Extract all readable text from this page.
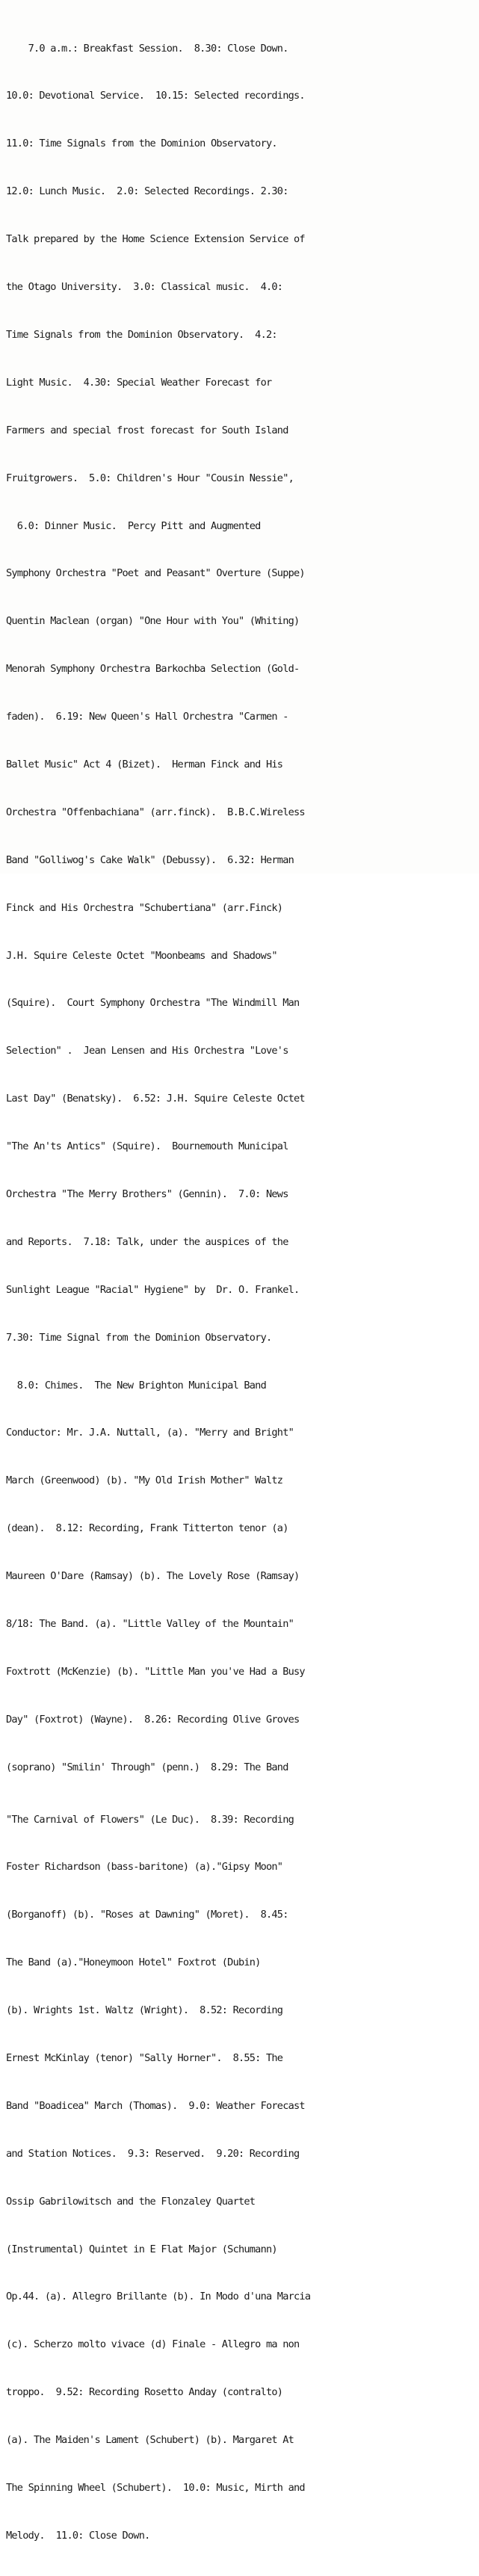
7.0 a.m.: Breakfast Session.  8.30: Close Down.

10.0: Devotional Service.  10.15: Selected recordings.

11.0: Time Signals from the Dominion Observatory.

12.0: Lunch Music.  2.0: Selected Recordings. 2.30:

Talk prepared by the Home Science Extension Service of

the Otago University.  3.0: Classical music.  4.0:

Time Signals from the Dominion Observatory.  4.2:

Light Music.  4.30: Special Weather Forecast for

Farmers and special frost forecast for South Island

Fruitgrowers.  5.0: Children's Hour "Cousin Nessie",

6.0: Dinner Music.  Percy Pitt and Augmented

Symphony Orchestra "Poet and Peasant" Overture (Suppe)

Quentin Maclean (organ) "One Hour with You" (Whiting)

Menorah Symphony Orchestra Barkochba Selection (Gold-

faden).  6.19: New Queen's Hall Orchestra "Carmen -

Ballet Music" Act 4 (Bizet).  Herman Finck and His

Orchestra "Offenbachiana" (arr.finck).  B.B.C.Wireless

Band "Golliwog's Cake Walk" (Debussy).  6.32: Herman

Finck and His Orchestra "Schubertiana" (arr.Finck)

J.H. Squire Celeste Octet "Moonbeams and Shadows"

(Squire).  Court Symphony Orchestra "The Windmill Man

Selection" .  Jean Lensen and His Orchestra "Love's

Last Day" (Benatsky).  6.52: J.H. Squire Celeste Octet

"The An'ts Antics" (Squire).  Bournemouth Municipal

Orchestra "The Merry Brothers" (Gennin).  7.0: News

and Reports.  7.18: Talk, under the auspices of the

Sunlight League "Racial" Hygiene" by  Dr. O. Frankel.

7.30: Time Signal from the Dominion Observatory.

8.0: Chimes.  The New Brighton Municipal Band

Conductor: Mr. J.A. Nuttall, (a). "Merry and Bright"

March (Greenwood) (b). "My Old Irish Mother" Waltz

(dean).  8.12: Recording, Frank Titterton tenor (a)

Maureen O'Dare (Ramsay) (b). The Lovely Rose (Ramsay)

8/18: The Band. (a). "Little Valley of the Mountain"

Foxtrott (McKenzie) (b). "Little Man you've Had a Busy

Day" (Foxtrot) (Wayne).  8.26: Recording Olive Groves

(soprano) "Smilin' Through" (penn.)  8.29: The Band

"The Carnival of Flowers" (Le Duc).  8.39: Recording

Foster Richardson (bass-baritone) (a)."Gipsy Moon"

(Borganoff) (b). "Roses at Dawning" (Moret).  8.45:

The Band (a)."Honeymoon Hotel" Foxtrot (Dubin)

(b). Wrights 1st. Waltz (Wright).  8.52: Recording

Ernest McKinlay (tenor) "Sally Horner".  8.55: The

Band "Boadicea" March (Thomas).  9.0: Weather Forecast

and Station Notices.  9.3: Reserved.  9.20: Recording

Ossip Gabrilowitsch and the Flonzaley Quartet

(Instrumental) Quintet in E Flat Major (Schumann)

Op.44. (a). Allegro Brillante (b). In Modo d'una Marcia

(c). Scherzo molto vivace (d) Finale - Allegro ma non

troppo.  9.52: Recording Rosetto Anday (contralto)

(a). The Maiden's Lament (Schubert) (b). Margaret At

The Spinning Wheel (Schubert).  10.0: Music, Mirth and

Melody.  11.0: Close Down.
